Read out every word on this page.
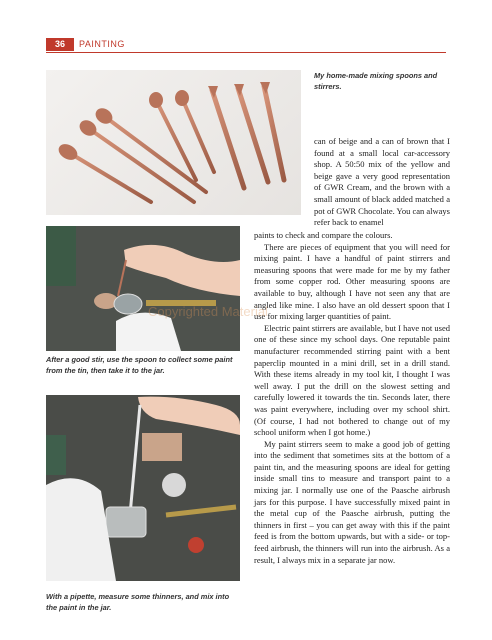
36	PAINTING
My home-made mixing spoons and stirrers.
After a good stir, use the spoon to collect some paint from the tin, then take it to the jar.
With a pipette, measure some thinners, and mix into the paint in the jar.

can of beige and a can of brown that I found at a small local car-accessory shop. A 50:50 mix of the yellow and beige gave a very good representation of GWR Cream, and the brown with a small amount of black added matched a pot of GWR Chocolate. You can always refer back to enamel

paints to check and compare the colours.

There are pieces of equipment that you will need for mixing paint. I have a handful of paint stirrers and measuring spoons that were made for me by my father from some copper rod. Other measuring spoons are available to buy, although I have not seen any that are angled like mine. I also have an old dessert spoon that I use for mixing larger quantities of paint.

Electric paint stirrers are available, but I have not used one of these since my school days. One reputable paint manufacturer recommended stirring paint with a bent paperclip mounted in a mini drill, set in a drill stand. With these items already in my tool kit, I thought I was well away. I put the drill on the slowest setting and carefully lowered it towards the tin. Seconds later, there was paint everywhere, including over my school shirt. (Of course, I had not bothered to change out of my school uniform when I got home.)

My paint stirrers seem to make a good job of getting into the sediment that sometimes sits at the bottom of a paint tin, and the measuring spoons are ideal for getting inside small tins to measure and transport paint to a mixing jar. I normally use one of the Paasche airbrush jars for this purpose. I have successfully mixed paint in the metal cup of the Paasche airbrush, putting the thinners in first – you can get away with this if the paint feed is from the bottom upwards, but with a side- or top-feed airbrush, the thinners will run into the airbrush. As a result, I always mix in a separate jar now.

Copyrighted Material
